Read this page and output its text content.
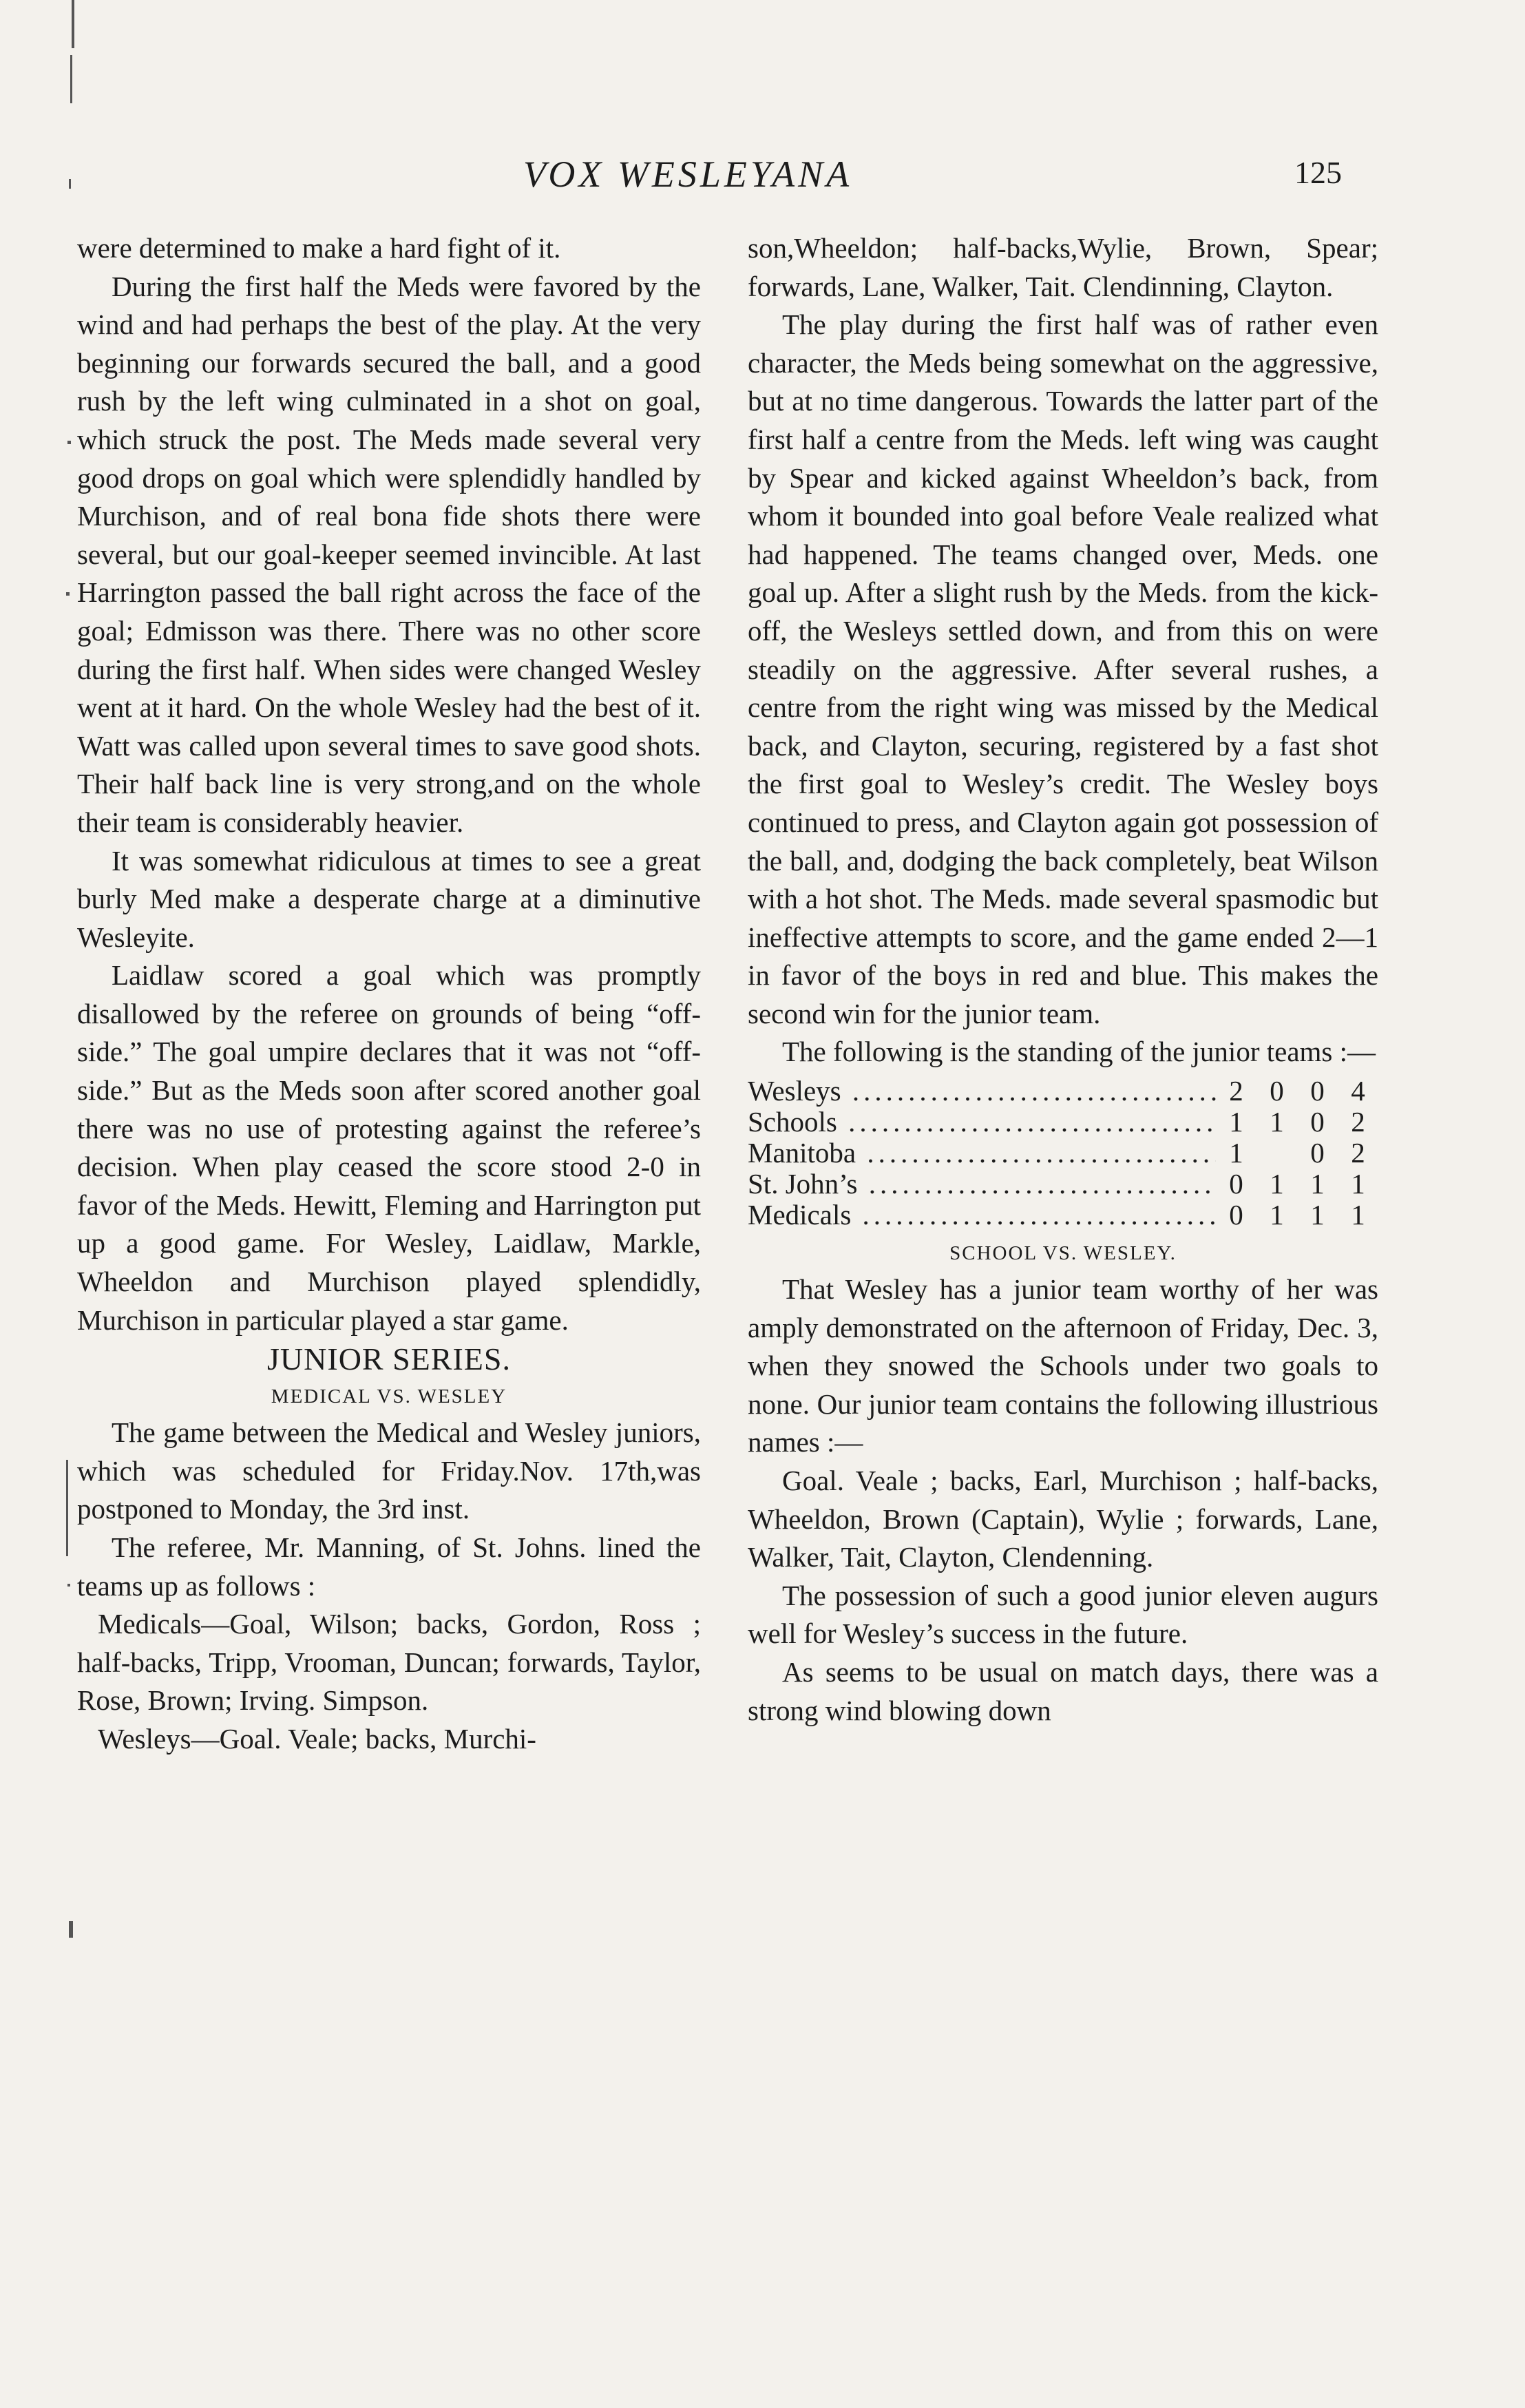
VOX WESLEYANA	125

were determined to make a hard fight of it.

During the first half the Meds were favored by the wind and had perhaps the best of the play. At the very beginning our forwards secured the ball, and a good rush by the left wing culminated in a shot on goal, which struck the post. The Meds made several very good drops on goal which were splendidly handled by Murchison, and of real bona fide shots there were several, but our goal-keeper seemed invincible. At last Harrington passed the ball right across the face of the goal; Edmisson was there. There was no other score during the first half. When sides were changed Wesley went at it hard. On the whole Wesley had the best of it. Watt was called upon several times to save good shots. Their half back line is very strong,and on the whole their team is considerably heavier.

It was somewhat ridiculous at times to see a great burly Med make a desperate charge at a diminutive Wesleyite.

Laidlaw scored a goal which was promptly disallowed by the referee on grounds of being “off-side.” The goal umpire declares that it was not “off-side.” But as the Meds soon after scored another goal there was no use of protesting against the referee’s decision. When play ceased the score stood 2-0 in favor of the Meds. Hewitt, Fleming and Harrington put up a good game. For Wesley, Laidlaw, Markle, Wheeldon and Murchison played splendidly, Murchison in particular played a star game.

JUNIOR SERIES.
MEDICAL VS. WESLEY

The game between the Medical and Wesley juniors, which was scheduled for Friday.Nov. 17th,was postponed to Monday, the 3rd inst.

The referee, Mr. Manning, of St. Johns. lined the teams up as follows :

Medicals—Goal, Wilson; backs, Gordon, Ross ; half-backs, Tripp, Vrooman, Duncan; forwards, Taylor, Rose, Brown; Irving. Simpson.

Wesleys—Goal. Veale; backs, Murchi-

son,Wheeldon; half-backs,Wylie, Brown, Spear; forwards, Lane, Walker, Tait. Clendinning, Clayton.

The play during the first half was of rather even character, the Meds being somewhat on the aggressive, but at no time dangerous. Towards the latter part of the first half a centre from the Meds. left wing was caught by Spear and kicked against Wheeldon’s back, from whom it bounded into goal before Veale realized what had happened. The teams changed over, Meds. one goal up. After a slight rush by the Meds. from the kick-off, the Wesleys settled down, and from this on were steadily on the aggressive. After several rushes, a centre from the right wing was missed by the Medical back, and Clayton, securing, registered by a fast shot the first goal to Wesley’s credit. The Wesley boys continued to press, and Clayton again got possession of the ball, and, dodging the back completely, beat Wilson with a hot shot. The Meds. made several spasmodic but ineffective attempts to score, and the game ended 2—1 in favor of the boys in red and blue. This makes the second win for the junior team.

The following is the standing of the junior teams :—

Wesleys .....	2 0 0 4
Schools .....	1 1 0 2
Manitoba .....	1	0 2
St. John’s .....	0 1 1 1
Medicals .....	0 1 1 1
SCHOOL VS. WESLEY.

That Wesley has a junior team worthy of her was amply demonstrated on the afternoon of Friday, Dec. 3, when they snowed the Schools under two goals to none. Our junior team contains the following illustrious names :—

Goal. Veale ; backs, Earl, Murchison ; half-backs, Wheeldon, Brown (Captain), Wylie ; forwards, Lane, Walker, Tait, Clayton, Clendenning.

The possession of such a good junior eleven augurs well for Wesley’s success in the future.

As seems to be usual on match days, there was a strong wind blowing down
